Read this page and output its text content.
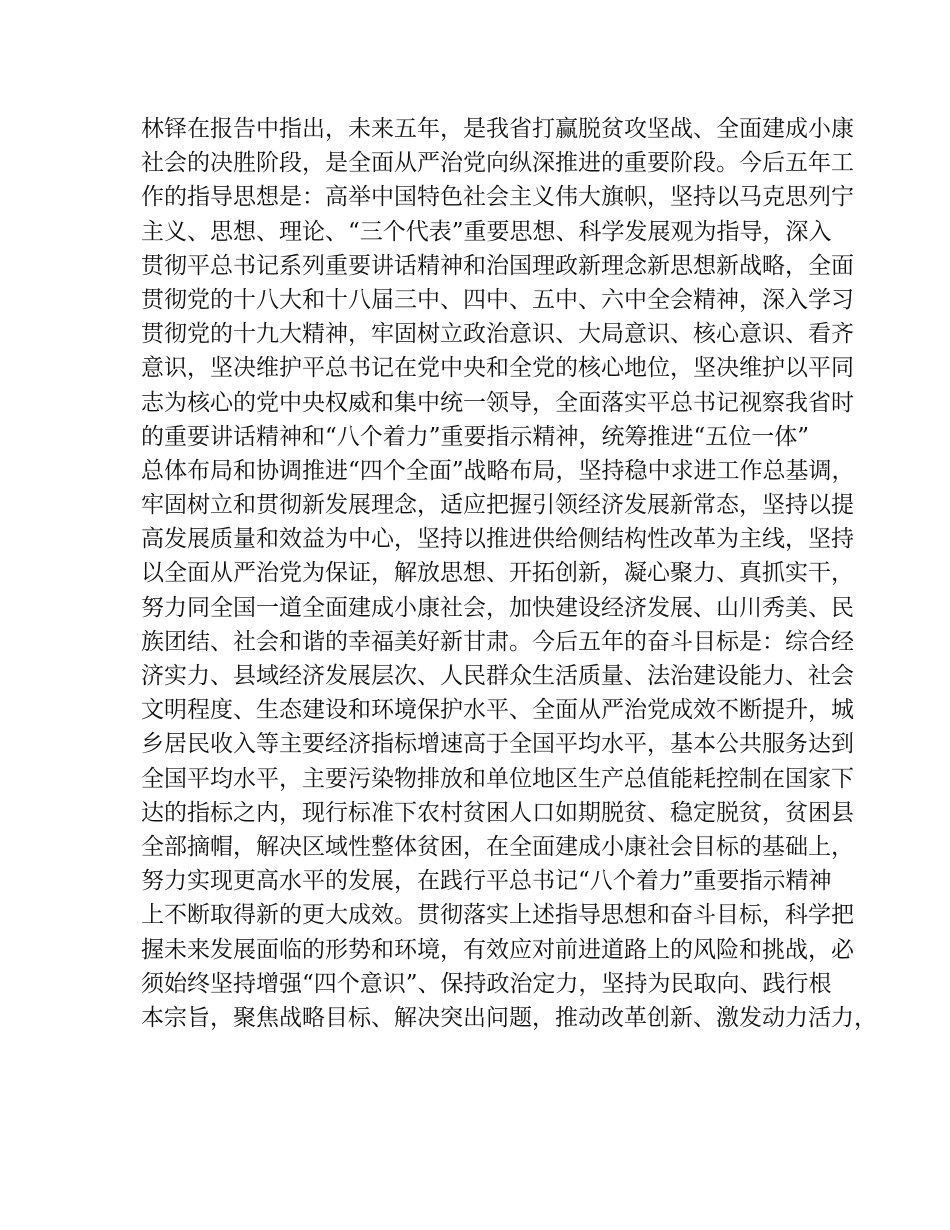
林铎在报告中指出，未来五年，是我省打赢脱贫攻坚战、全面建成小康
社会的决胜阶段，是全面从严治党向纵深推进的重要阶段。今后五年工
作的指导思想是：高举中国特色社会主义伟大旗帜，坚持以马克思列宁
主义、思想、理论、“三个代表”重要思想、科学发展观为指导，深入
贯彻平总书记系列重要讲话精神和治国理政新理念新思想新战略，全面
贯彻党的十八大和十八届三中、四中、五中、六中全会精神，深入学习
贯彻党的十九大精神，牢固树立政治意识、大局意识、核心意识、看齐
意识，坚决维护平总书记在党中央和全党的核心地位，坚决维护以平同
志为核心的党中央权威和集中统一领导，全面落实平总书记视察我省时
的重要讲话精神和“八个着力”重要指示精神，统筹推进“五位一体”
总体布局和协调推进“四个全面”战略布局，坚持稳中求进工作总基调，
牢固树立和贯彻新发展理念，适应把握引领经济发展新常态，坚持以提
高发展质量和效益为中心，坚持以推进供给侧结构性改革为主线，坚持
以全面从严治党为保证，解放思想、开拓创新，凝心聚力、真抓实干，
努力同全国一道全面建成小康社会，加快建设经济发展、山川秀美、民
族团结、社会和谐的幸福美好新甘肃。今后五年的奋斗目标是：综合经
济实力、县域经济发展层次、人民群众生活质量、法治建设能力、社会
文明程度、生态建设和环境保护水平、全面从严治党成效不断提升，城
乡居民收入等主要经济指标增速高于全国平均水平，基本公共服务达到
全国平均水平，主要污染物排放和单位地区生产总值能耗控制在国家下
达的指标之内，现行标准下农村贫困人口如期脱贫、稳定脱贫，贫困县
全部摘帽，解决区域性整体贫困，在全面建成小康社会目标的基础上，
努力实现更高水平的发展，在践行平总书记“八个着力”重要指示精神
上不断取得新的更大成效。贯彻落实上述指导思想和奋斗目标，科学把
握未来发展面临的形势和环境，有效应对前进道路上的风险和挑战，必
须始终坚持增强“四个意识”、保持政治定力，坚持为民取向、践行根
本宗旨，聚焦战略目标、解决突出问题，推动改革创新、激发动力活力，
